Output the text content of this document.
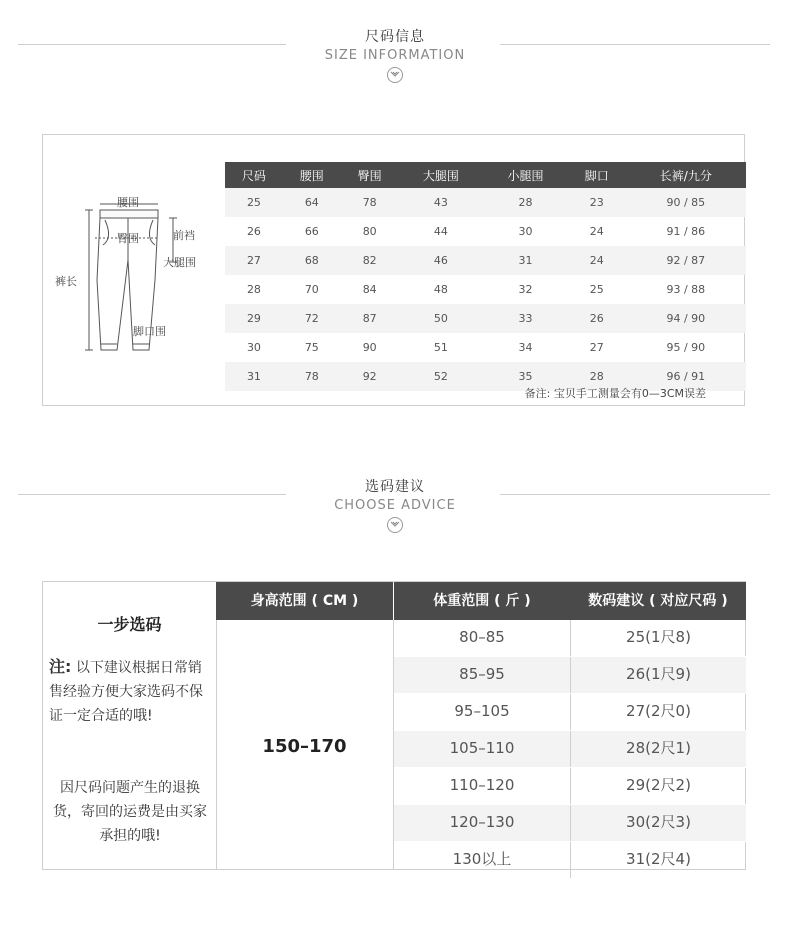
尺码信息
SIZE INFORMATION
腰围
臀围	前裆
大腿围
裤长
脚口围
尺码	腰围	臀围	大腿围	小腿围	脚口	长裤/九分
25	64	78	43	28	23	90 / 85
26	66	80	44	30	24	91 / 86
27	68	82	46	31	24	92 / 87
28	70	84	48	32	25	93 / 88
29	72	87	50	33	26	94 / 90
30	75	90	51	34	27	95 / 90
31	78	92	52	35	28	96 / 91
备注: 宝贝手工测量会有0—3CM误差
选码建议
CHOOSE ADVICE
一步选码
注: 以下建议根据日常销售经验方便大家选码不保证一定合适的哦!
因尺码问题产生的退换货，寄回的运费是由买家承担的哦!
身高范围 ( CM )	体重范围 ( 斤 )	数码建议 ( 对应尺码 )
150–170
80–85	25(1尺8)
85–95	26(1尺9)
95–105	27(2尺0)
105–110	28(2尺1)
110–120	29(2尺2)
120–130	30(2尺3)
130以上	31(2尺4)
